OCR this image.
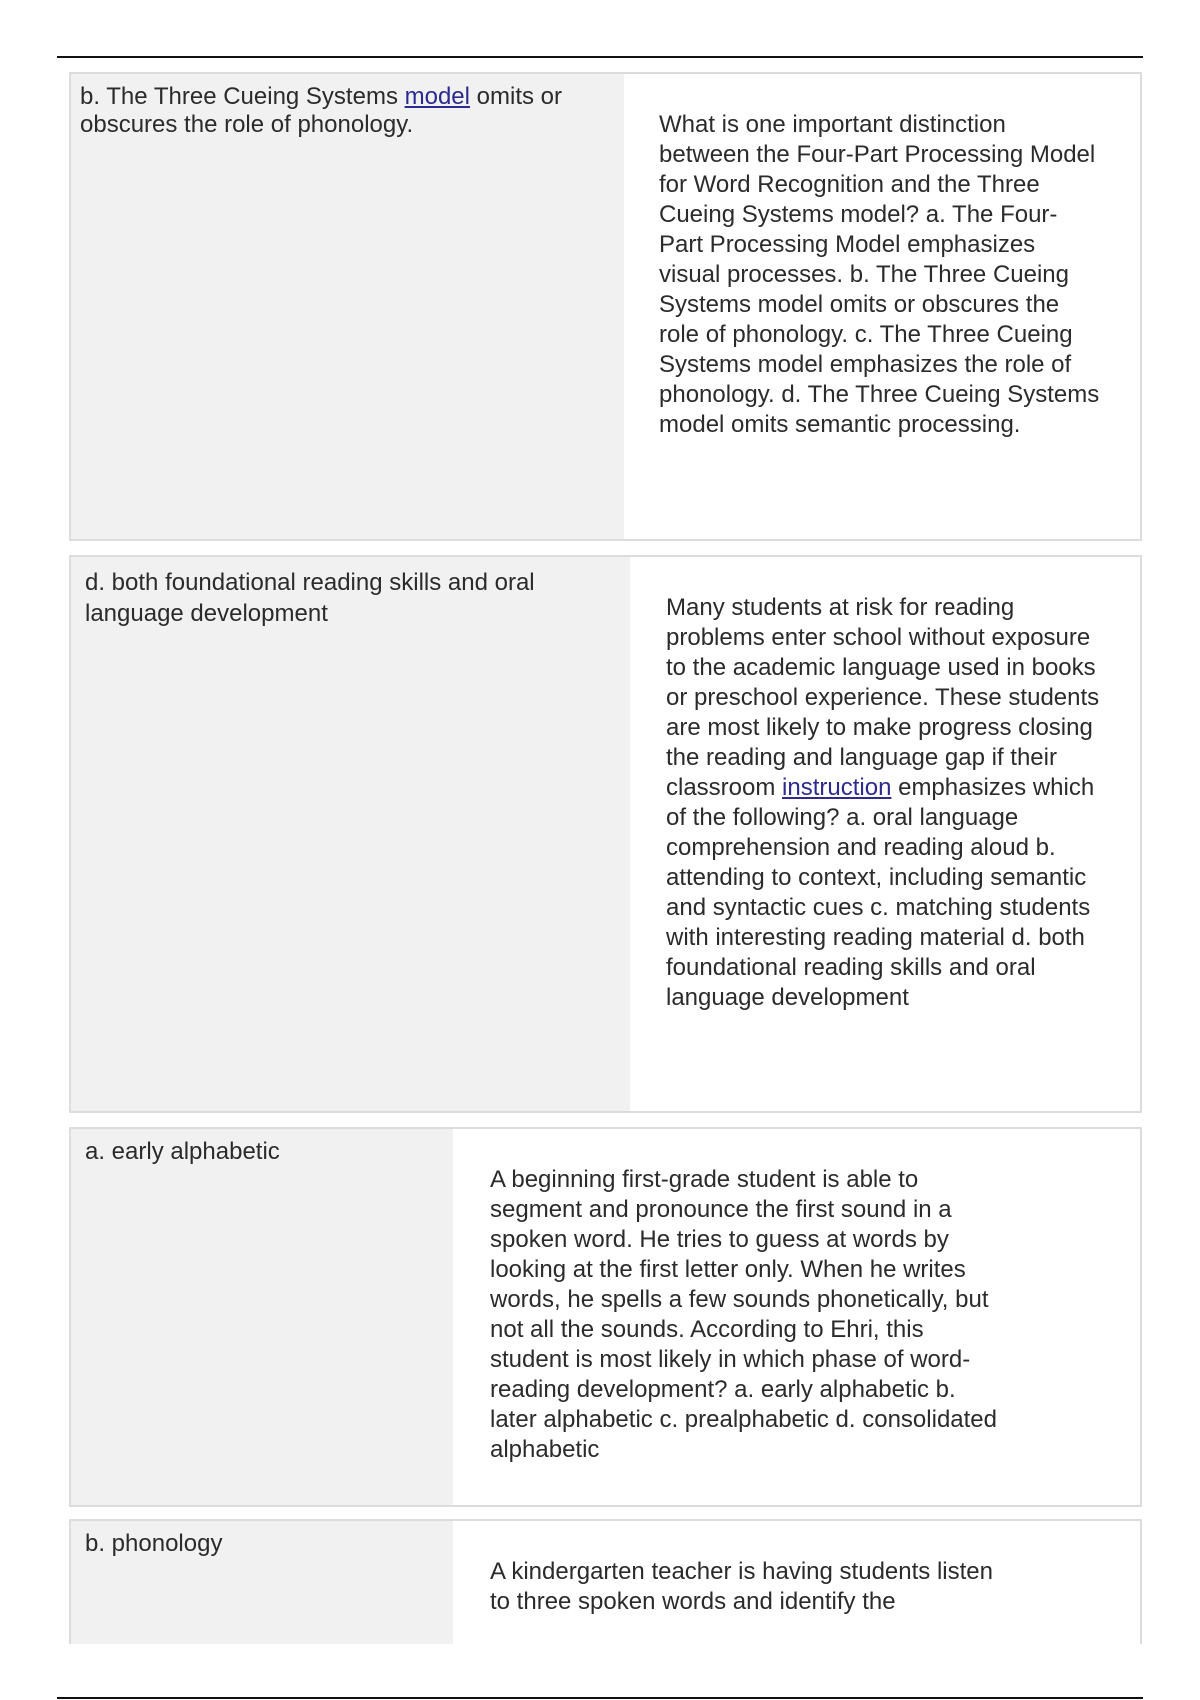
b. The Three Cueing Systems model omits or obscures the role of phonology.	What is one important distinction between the Four-Part Processing Model for Word Recognition and the Three Cueing Systems model? a. The Four-Part Processing Model emphasizes visual processes. b. The Three Cueing Systems model omits or obscures the role of phonology. c. The Three Cueing Systems model emphasizes the role of phonology. d. The Three Cueing Systems model omits semantic processing.
d. both foundational reading skills and oral language development	Many students at risk for reading problems enter school without exposure to the academic language used in books or preschool experience. These students are most likely to make progress closing the reading and language gap if their classroom instruction emphasizes which of the following? a. oral language comprehension and reading aloud b. attending to context, including semantic and syntactic cues c. matching students with interesting reading material d. both foundational reading skills and oral language development
a. early alphabetic
A beginning first-grade student is able to segment and pronounce the first sound in a spoken word. He tries to guess at words by looking at the first letter only. When he writes words, he spells a few sounds phonetically, but not all the sounds. According to Ehri, this student is most likely in which phase of word-reading development? a. early alphabetic b. later alphabetic c. prealphabetic d. consolidated alphabetic
b. phonology
A kindergarten teacher is having students listen to three spoken words and identify the
